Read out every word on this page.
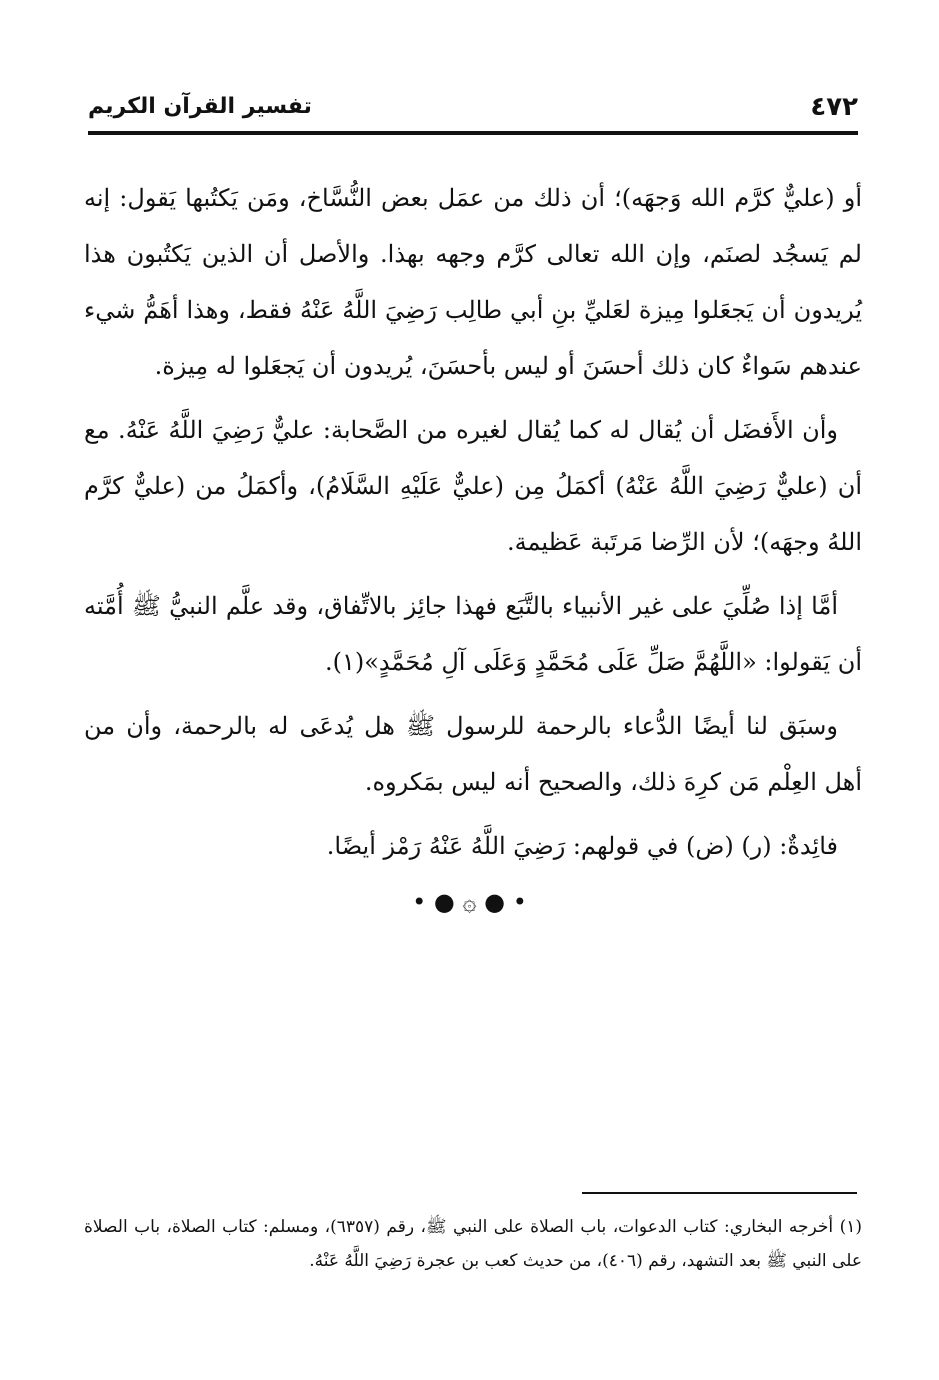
٤٧٢
تفسير القرآن الكريم

أو (عليٌّ كرَّم الله وَجهَه)؛ أن ذلك من عمَل بعض النُّسَّاخ، ومَن يَكتُبها يَقول: إنه لم يَسجُد لصنَم، وإن الله تعالى كرَّم وجهه بهذا. والأصل أن الذين يَكتُبون هذا يُريدون أن يَجعَلوا مِيزة لعَليِّ بنِ أبي طالِب رَضِيَ اللَّهُ عَنْهُ فقط، وهذا أهَمُّ شيء عندهم سَواءٌ كان ذلك أحسَنَ أو ليس بأحسَنَ، يُريدون أن يَجعَلوا له مِيزة.

وأن الأَفضَل أن يُقال له كما يُقال لغيره من الصَّحابة: عليٌّ رَضِيَ اللَّهُ عَنْهُ. مع أن (عليٌّ رَضِيَ اللَّهُ عَنْهُ) أكمَلُ مِن (عليٌّ عَلَيْهِ السَّلَامُ)، وأكمَلُ من (عليٌّ كرَّم اللهُ وجهَه)؛ لأن الرِّضا مَرتَبة عَظيمة.

أمَّا إذا صُلِّيَ على غير الأنبياء بالتَّبَع فهذا جائِز بالاتِّفاق، وقد علَّم النبيُّ ﷺ أُمَّته أن يَقولوا: «اللَّهُمَّ صَلِّ عَلَى مُحَمَّدٍ وَعَلَى آلِ مُحَمَّدٍ»(١).

وسبَق لنا أيضًا الدُّعاء بالرحمة للرسول ﷺ هل يُدعَى له بالرحمة، وأن من أهل العِلْم مَن كرِهَ ذلك، والصحيح أنه ليس بمَكروه.

فائِدةٌ: (ر) (ض) في قولهم: رَضِيَ اللَّهُ عَنْهُ رَمْز أيضًا.

• ● ۞ ● •

(١) أخرجه البخاري: كتاب الدعوات، باب الصلاة على النبي ﷺ، رقم (٦٣٥٧)، ومسلم: كتاب الصلاة، باب الصلاة على النبي ﷺ بعد التشهد، رقم (٤٠٦)، من حديث كعب بن عجرة رَضِيَ اللَّهُ عَنْهُ.
